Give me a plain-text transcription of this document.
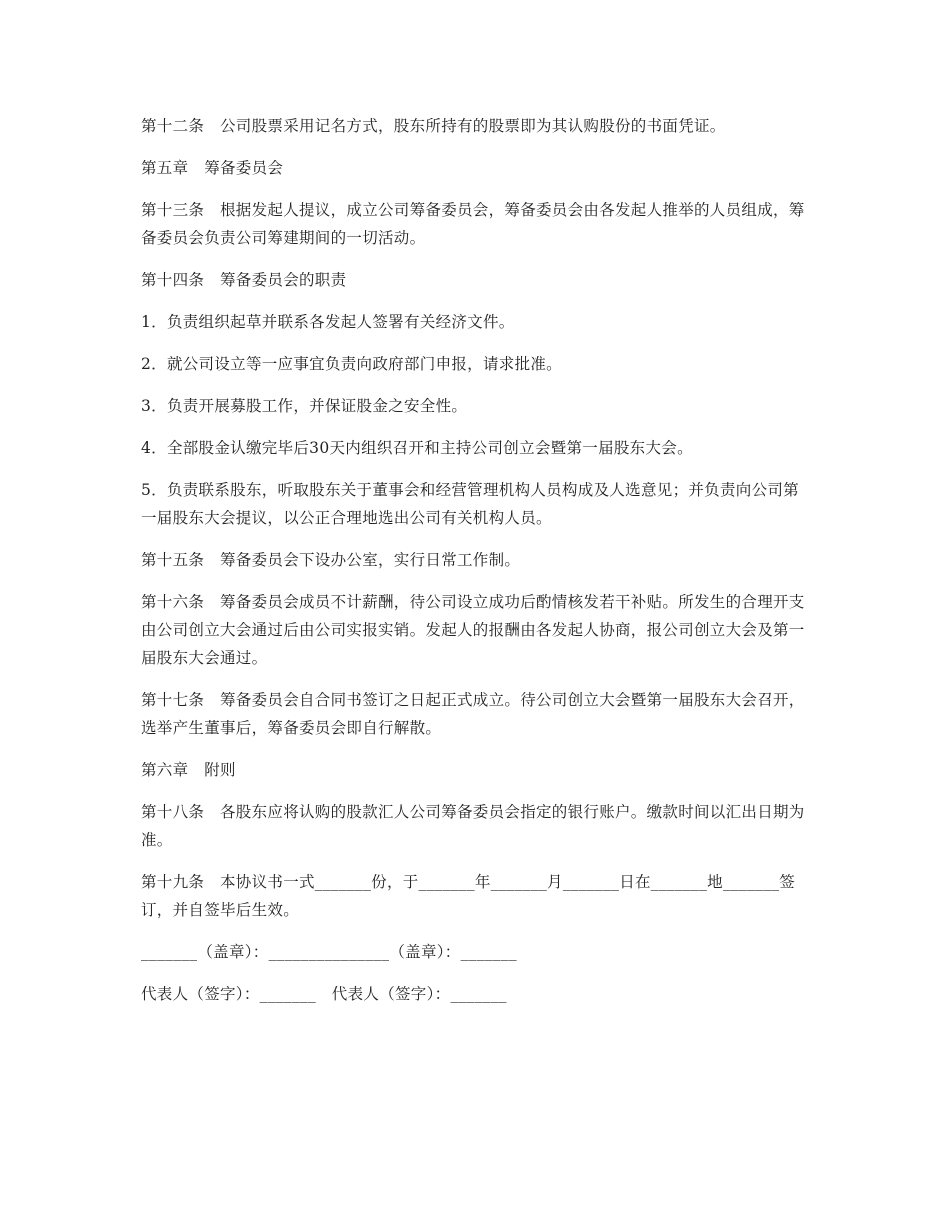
第十二条　公司股票采用记名方式，股东所持有的股票即为其认购股份的书面凭证。

第五章　筹备委员会

第十三条　根据发起人提议，成立公司筹备委员会，筹备委员会由各发起人推举的人员组成，筹备委员会负责公司筹建期间的一切活动。

第十四条　筹备委员会的职责

1．负责组织起草并联系各发起人签署有关经济文件。

2．就公司设立等一应事宜负责向政府部门申报，请求批准。

3．负责开展募股工作，并保证股金之安全性。

4．全部股金认缴完毕后30天内组织召开和主持公司创立会暨第一届股东大会。

5．负责联系股东，听取股东关于董事会和经营管理机构人员构成及人选意见；并负责向公司第一届股东大会提议，以公正合理地选出公司有关机构人员。

第十五条　筹备委员会下设办公室，实行日常工作制。

第十六条　筹备委员会成员不计薪酬，待公司设立成功后酌情核发若干补贴。所发生的合理开支由公司创立大会通过后由公司实报实销。发起人的报酬由各发起人协商，报公司创立大会及第一届股东大会通过。

第十七条　筹备委员会自合同书签订之日起正式成立。待公司创立大会暨第一届股东大会召开，选举产生董事后，筹备委员会即自行解散。

第六章　附则

第十八条　各股东应将认购的股款汇人公司筹备委员会指定的银行账户。缴款时间以汇出日期为准。

第十九条　本协议书一式_______份，于_______年_______月_______日在_______地_______签订，并自签毕后生效。

_______（盖章）：_______________（盖章）：_______

代表人（签字）：_______　代表人（签字）：_______
